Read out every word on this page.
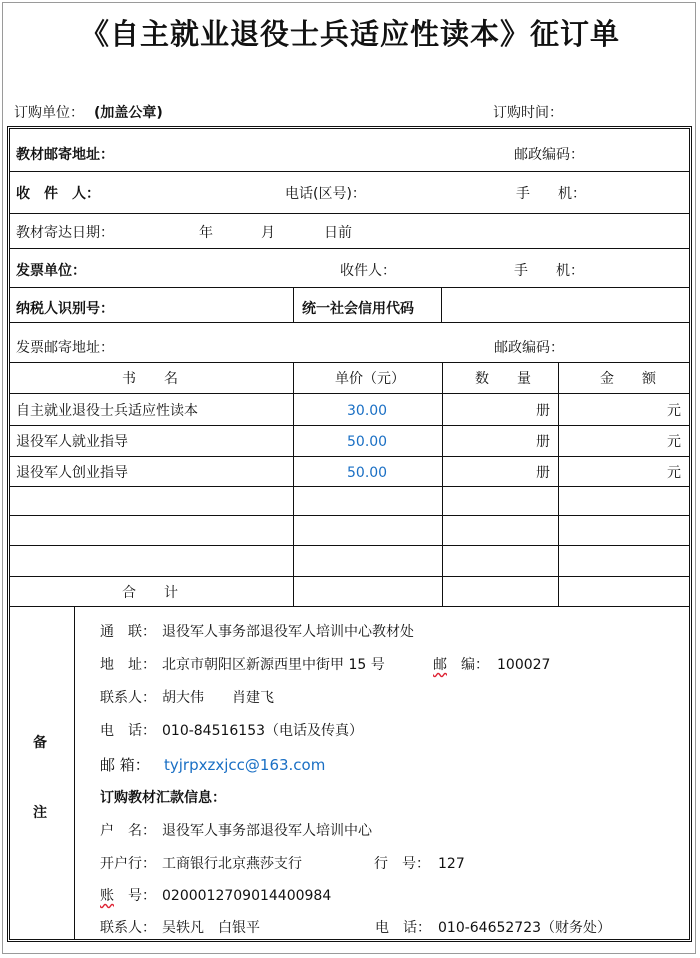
《自主就业退役士兵适应性读本》征订单
订购单位： (加盖公章)	订购时间：
教材邮寄地址：	邮政编码：
收　件　人：	电话(区号)：	手　　机：
教材寄达日期：	年	月	日前
发票单位：	收件人：	手　　机：
纳税人识别号：	统一社会信用代码
发票邮寄地址：	邮政编码：
书　　名	单价（元）	数　　量	金　　额
自主就业退役士兵适应性读本	30.00	册	元
退役军人就业指导	50.00	册	元
退役军人创业指导	50.00	册	元
合　　计
备
注
通　联： 退役军人事务部退役军人培训中心教材处
地　址： 北京市朝阳区新源西里中街甲 15 号	邮　 编： 100027
联系人： 胡大伟　　肖建飞
电　话： 010-84516153（电话及传真）
邮 箱： tyjrpxzxjcc@163.com
订购教材汇款信息：
户　名： 退役军人事务部退役军人培训中心
开户行： 工商银行北京燕莎支行	行　号： 127
账　号： 0200012709014400984
联系人： 吴轶凡　白银平	电　话： 010-64652723（财务处）
